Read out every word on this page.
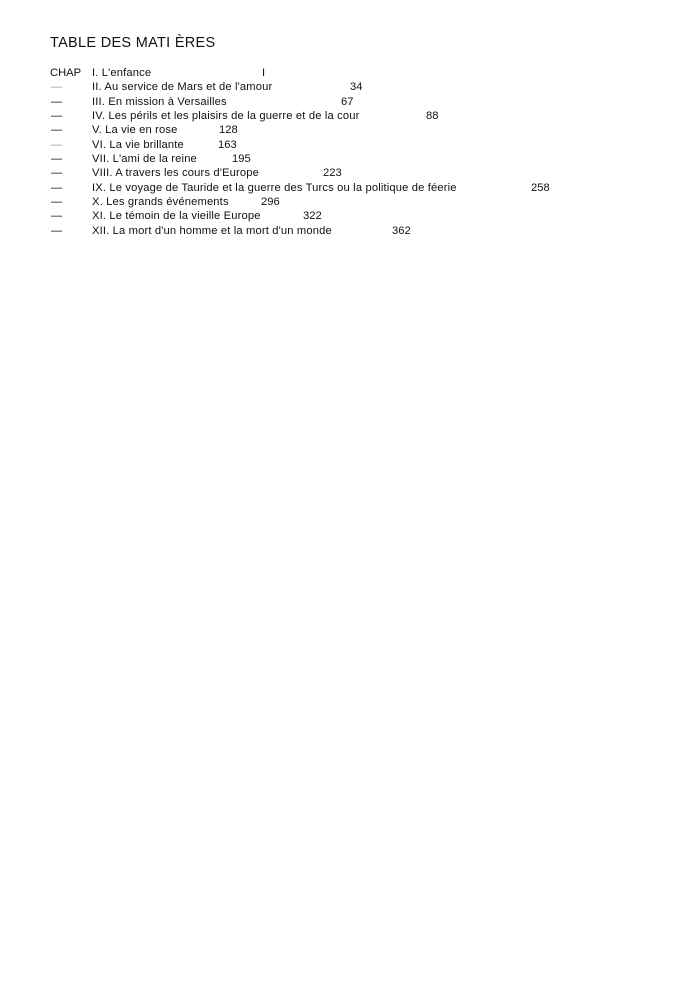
TABLE DES MATI ÈRES
CHAP I. L'enfance	I
—	II. Au service de Mars et de l'amour	34
—	III. En mission à Versailles	67
—	IV. Les périls et les plaisirs de la guerre et de la cour	88
—	V. La vie en rose	128
—	VI. La vie brillante	163
—	VII. L'ami de la reine	195
—	VIII. A travers les cours d'Europe	223
—	IX. Le voyage de Tauride et la guerre des Turcs ou la politique de féerie	258
—	X. Les grands événements	296
—	XI. Le témoin de la vieille Europe	322
—	XII. La mort d'un homme et la mort d'un monde	362
